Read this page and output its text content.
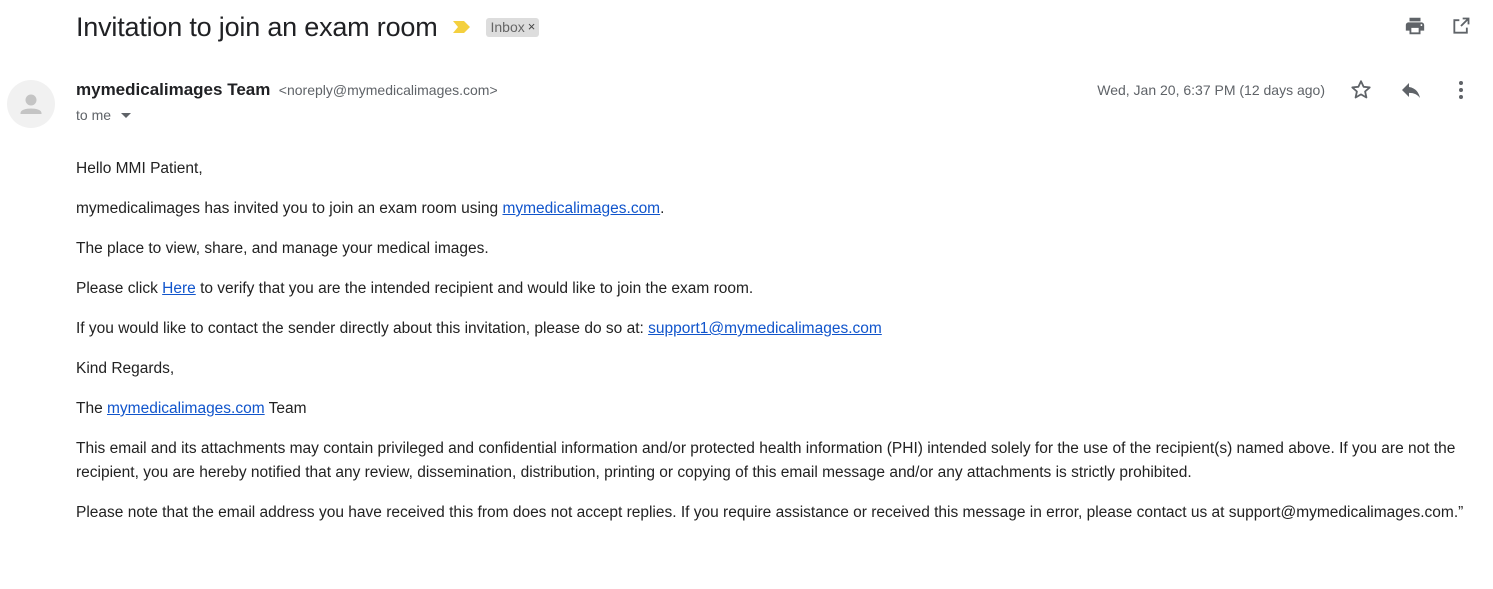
Invitation to join an exam room	Inbox ×
mymedicalimages Team <noreply@mymedicalimages.com>
to me
Wed, Jan 20, 6:37 PM (12 days ago)

Hello MMI Patient,

mymedicalimages has invited you to join an exam room using mymedicalimages.com.

The place to view, share, and manage your medical images.

Please click Here to verify that you are the intended recipient and would like to join the exam room.

If you would like to contact the sender directly about this invitation, please do so at: support1@mymedicalimages.com

Kind Regards,

The mymedicalimages.com Team

This email and its attachments may contain privileged and confidential information and/or protected health information (PHI) intended solely for the use of the recipient(s) named above. If you are not the recipient, you are hereby notified that any review, dissemination, distribution, printing or copying of this email message and/or any attachments is strictly prohibited.

Please note that the email address you have received this from does not accept replies. If you require assistance or received this message in error, please contact us at support@mymedicalimages.com.”
